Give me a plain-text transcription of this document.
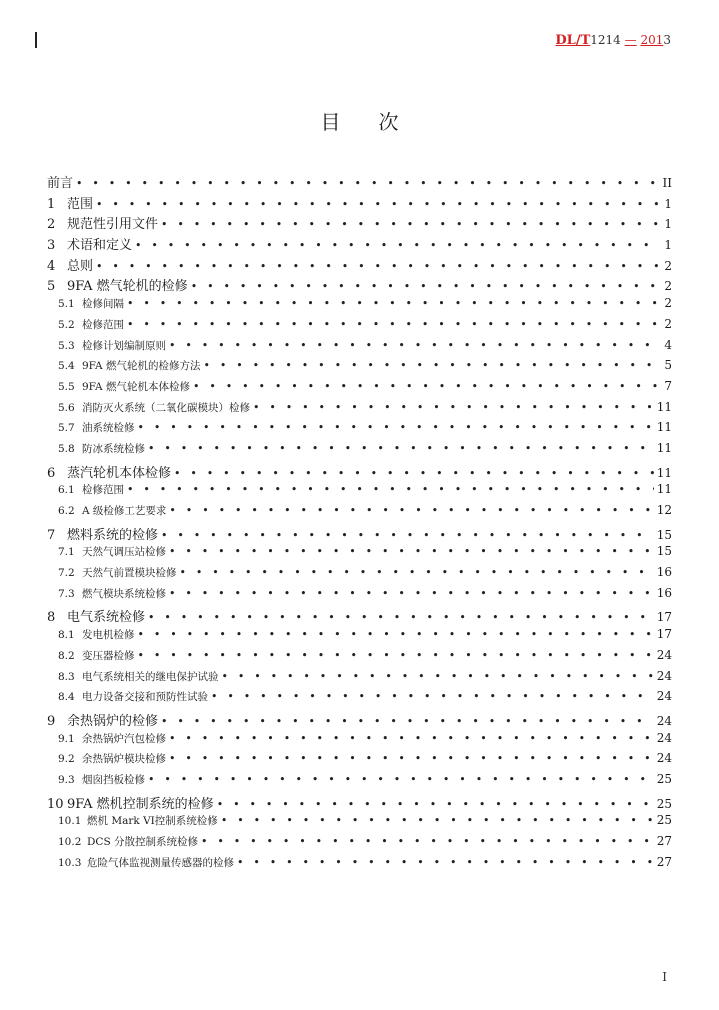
DL/T1214 — 2013
目次
前言 • • •	II
1 范围 • • •	1
2 规范性引用文件 • • •	1
3 术语和定义 • • •	1
4 总则 • • •	2
5 9FA 燃气轮机的检修 • • •	2
5.1 检修间隔 • • •	2
5.2 检修范围 • • •	2
5.3 检修计划编制原则 • • •	4
5.4 9FA 燃气轮机的检修方法 • • •	5
5.5 9FA 燃气轮机本体检修 • • •	7
5.6 消防灭火系统（二氧化碳模块）检修 • • •	11
5.7 油系统检修 • • •	11
5.8 防冰系统检修 • • •	11
6 蒸汽轮机本体检修 • • •	11
6.1 检修范围 • • •	11
6.2 A 级检修工艺要求 • • •	12
7 燃料系统的检修 • • •	15
7.1 天然气调压站检修 • • •	15
7.2 天然气前置模块检修 • • •	16
7.3 燃气模块系统检修 • • •	16
8 电气系统检修 • • •	17
8.1 发电机检修 • • •	17
8.2 变压器检修 • • •	24
8.3 电气系统相关的继电保护试验 • • •	24
8.4 电力设备交接和预防性试验 • • •	24
9 余热锅炉的检修 • • •	24
9.1 余热锅炉汽包检修 • • •	24
9.2 余热锅炉模块检修 • • •	24
9.3 烟囱挡板检修 • • •	25
10 9FA 燃机控制系统的检修 • • •	25
10.1 燃机 Mark VI控制系统检修 • • •	25
10.2 DCS 分散控制系统检修 • • •	27
10.3 危险气体监视测量传感器的检修 • • •	27
I
